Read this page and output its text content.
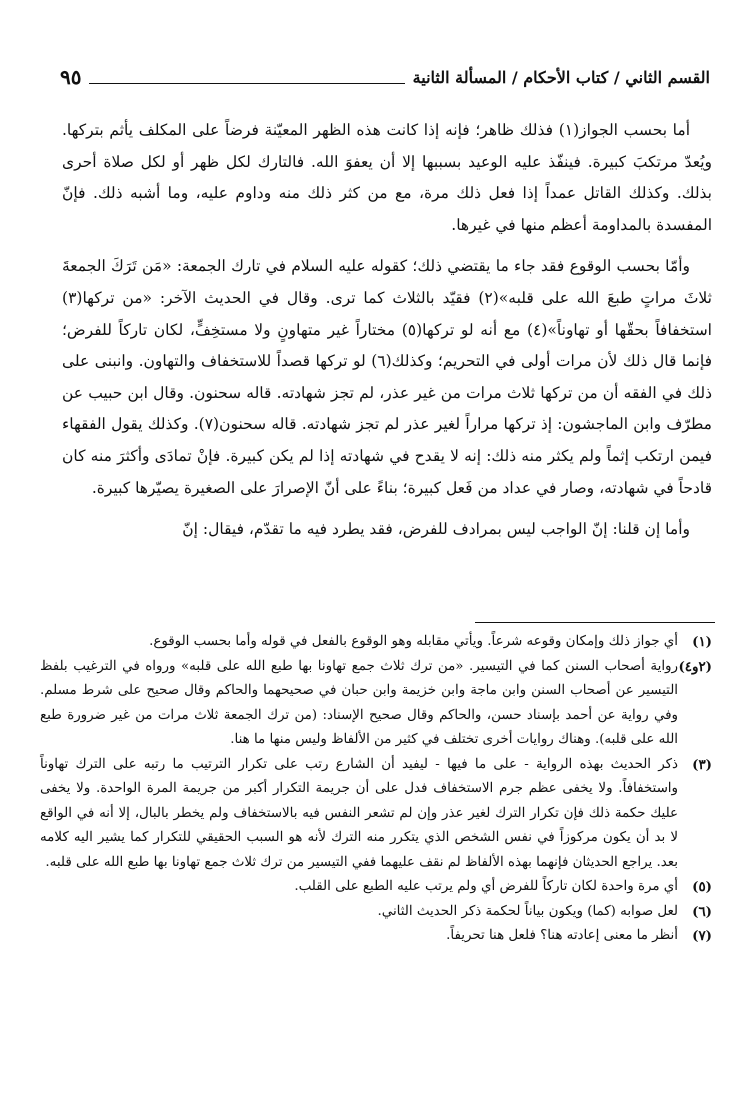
القسم الثاني / كتاب الأحكام / المسألة الثانية
٩٥

أما بحسب الجواز(١) فذلك ظاهر؛ فإنه إذا كانت هذه الظهر المعيّنة فرضاً على المكلف يأثم بتركها. ويُعدّ مرتكبَ كبيرة. فينفّذ عليه الوعيد بسببها إلا أن يعفوَ الله. فالتارك لكل ظهر أو لكل صلاة أحرى بذلك. وكذلك القاتل عمداً إذا فعل ذلك مرة، مع من كثر ذلك منه وداوم عليه، وما أشبه ذلك. فإنّ المفسدة بالمداومة أعظم منها في غيرها.

وأمّا بحسب الوقوع فقد جاء ما يقتضي ذلك؛ كقوله عليه السلام في تارك الجمعة: «مَن تَرَكَ الجمعةَ ثلاثَ مراتٍ طبعَ الله على قلبه»(٢) فقيّد بالثلاث كما ترى. وقال في الحديث الآخر: «من تركها(٣) استخفافاً بحقّها أو تهاوناً»(٤) مع أنه لو تركها(٥) مختاراً غير متهاونٍ ولا مستخِفٍّ، لكان تاركاً للفرض؛ فإنما قال ذلك لأن مرات أولى في التحريم؛ وكذلك(٦) لو تركها قصداً للاستخفاف والتهاون. وانبنى على ذلك في الفقه أن من تركها ثلاث مرات من غير عذر، لم تجز شهادته. قاله سحنون. وقال ابن حبيب عن مطرّف وابن الماجشون: إذ تركها مراراً لغير عذر لم تجز شهادته. قاله سحنون(٧). وكذلك يقول الفقهاء فيمن ارتكب إثماً ولم يكثر منه ذلك: إنه لا يقدح في شهادته إذا لم يكن كبيرة. فإنْ تمادَى وأكثرَ منه كان قادحاً في شهادته، وصار في عداد من فَعل كبيرة؛ بناءً على أنّ الإصرارَ على الصغيرة يصيّرها كبيرة.

وأما إن قلنا: إنّ الواجب ليس بمرادف للفرض، فقد يطرد فيه ما تقدّم، فيقال: إنّ

(١)
أي جواز ذلك وإمكان وقوعه شرعاً. ويأتي مقابله وهو الوقوع بالفعل في قوله وأما بحسب الوقوع.
(٢و٤)
رواية أصحاب السنن كما في التيسير. «من ترك ثلاث جمع تهاونا بها طبع الله على قلبه» ورواه في الترغيب بلفظ التيسير عن أصحاب السنن وابن ماجة وابن خزيمة وابن حبان في صحيحهما والحاكم وقال صحيح على شرط مسلم. وفي رواية عن أحمد بإسناد حسن، والحاكم وقال صحيح الإسناد: (من ترك الجمعة ثلاث مرات من غير ضرورة طبع الله على قلبه). وهناك روايات أخرى تختلف في كثير من الألفاظ وليس منها ما هنا.
(٣)
ذكر الحديث بهذه الرواية - على ما فيها - ليفيد أن الشارع رتب على تكرار الترتيب ما رتبه على الترك تهاوناً واستخفافاً. ولا يخفى عظم جرم الاستخفاف فدل على أن جريمة التكرار أكبر من جريمة المرة الواحدة. ولا يخفى عليك حكمة ذلك فإن تكرار الترك لغير عذر وإن لم تشعر النفس فيه بالاستخفاف ولم يخطر بالبال، إلا أنه في الواقع لا بد أن يكون مركوزاً في نفس الشخص الذي يتكرر منه الترك لأنه هو السبب الحقيقي للتكرار كما يشير اليه كلامه بعد. يراجع الحديثان فإنهما بهذه الألفاظ لم نقف عليهما ففي التيسير من ترك ثلاث جمع تهاونا بها طبع الله على قلبه.
(٥)
أي مرة واحدة لكان تاركاً للفرض أي ولم يرتب عليه الطبع على القلب.
(٦)
لعل صوابه (كما) ويكون بياناً لحكمة ذكر الحديث الثاني.
(٧)
أنظر ما معنى إعادته هنا؟ فلعل هنا تحريفاً.
